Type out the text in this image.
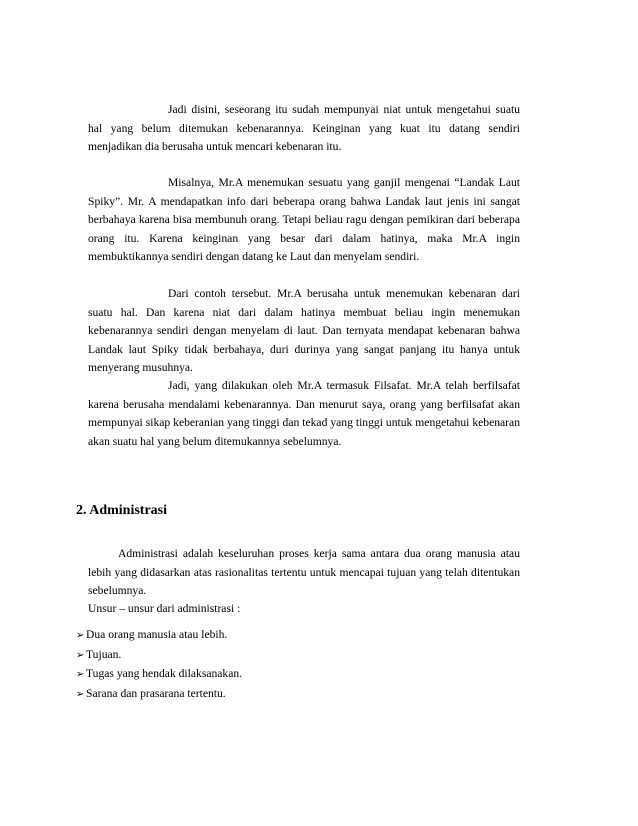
Jadi disini, seseorang itu sudah mempunyai niat untuk mengetahui suatu hal yang belum ditemukan kebenarannya. Keinginan yang kuat itu datang sendiri menjadikan dia berusaha untuk mencari kebenaran itu.

Misalnya, Mr.A menemukan sesuatu yang ganjil mengenai “Landak Laut Spiky”. Mr. A mendapatkan info dari beberapa orang bahwa Landak laut jenis ini sangat berbahaya karena bisa membunuh orang. Tetapi beliau ragu dengan pemikiran dari beberapa orang itu. Karena keinginan yang besar dari dalam hatinya, maka Mr.A ingin membuktikannya sendiri dengan datang ke Laut dan menyelam sendiri.

Dari contoh tersebut. Mr.A berusaha untuk menemukan kebenaran dari suatu hal. Dan karena niat dari dalam hatinya membuat beliau ingin menemukan kebenarannya sendiri dengan menyelam di laut. Dan ternyata mendapat kebenaran bahwa Landak laut Spiky tidak berbahaya, duri durinya yang sangat panjang itu hanya untuk menyerang musuhnya.

Jadi, yang dilakukan oleh Mr.A termasuk Filsafat. Mr.A telah berfilsafat karena berusaha mendalami kebenarannya. Dan menurut saya, orang yang berfilsafat akan mempunyai sikap keberanian yang tinggi dan tekad yang tinggi untuk mengetahui kebenaran akan suatu hal yang belum ditemukannya sebelumnya.

2. Administrasi

Administrasi adalah keseluruhan proses kerja sama antara dua orang manusia atau lebih yang didasarkan atas rasionalitas tertentu untuk mencapai tujuan yang telah ditentukan sebelumnya.

Unsur – unsur dari administrasi :

➢ Dua orang manusia atau lebih.
➢ Tujuan.
➢ Tugas yang hendak dilaksanakan.
➢ Sarana dan prasarana tertentu.
